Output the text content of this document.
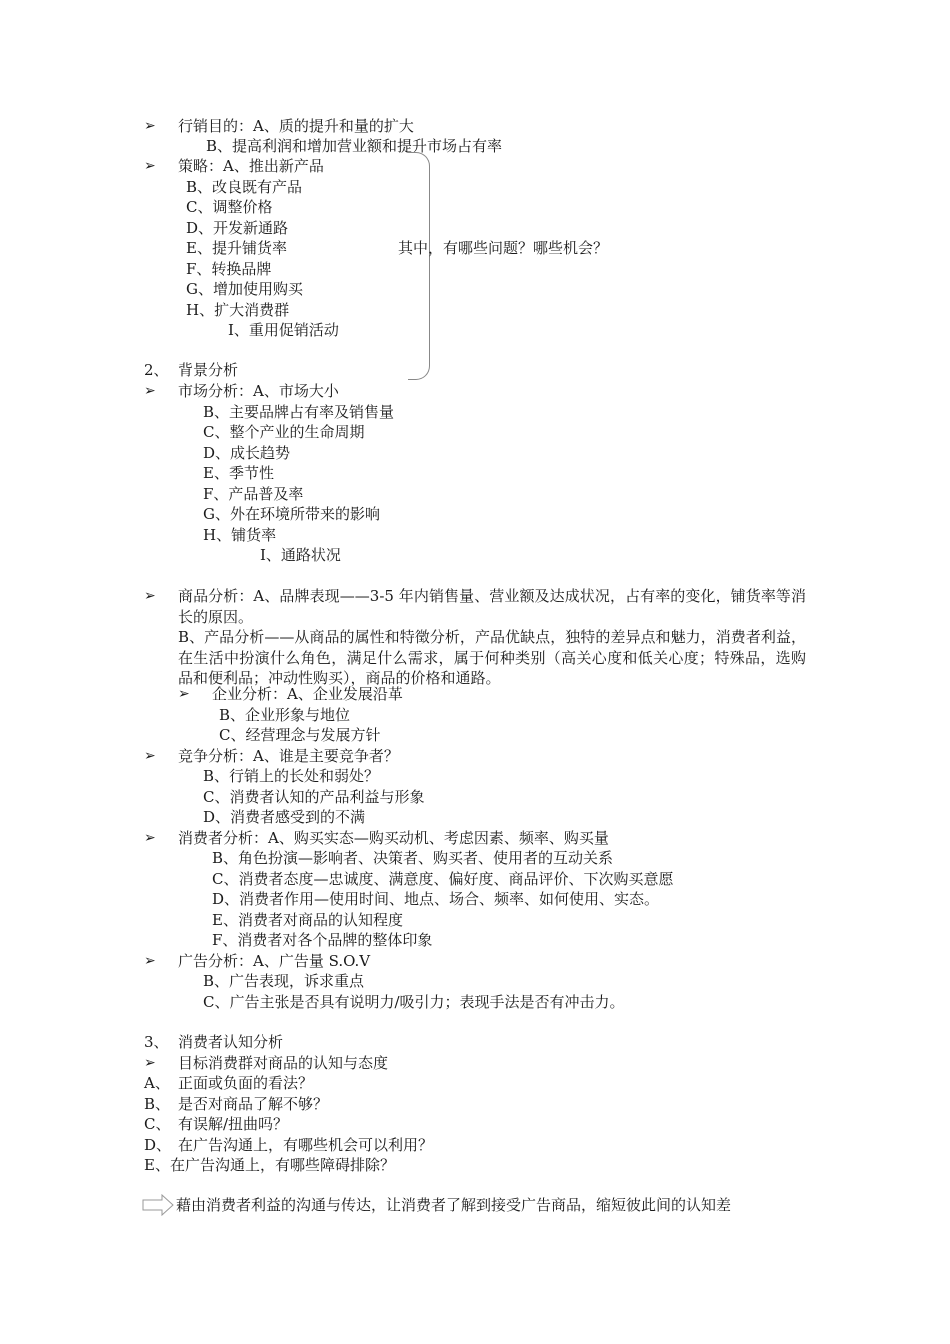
➢ 行销目的：A、质的提升和量的扩大
B、提高利润和增加营业额和提升市场占有率
➢ 策略：A、推出新产品
B、改良既有产品
C、调整价格
D、开发新通路
E、提升铺货率
F、转换品牌
G、增加使用购买
H、扩大消费群
I、重用促销活动
其中，有哪些问题？哪些机会？
2、 背景分析
➢ 市场分析：A、市场大小
B、主要品牌占有率及销售量
C、整个产业的生命周期
D、成长趋势
E、季节性
F、产品普及率
G、外在环境所带来的影响
H、铺货率
I、通路状况
➢ 商品分析：A、品牌表现——3-5 年内销售量、营业额及达成状况，占有率的变化，铺货率等消长的原因。
B、产品分析——从商品的属性和特徵分析，产品优缺点，独特的差异点和魅力，消费者利益，在生活中扮演什么角色，满足什么需求，属于何种类别（高关心度和低关心度；特殊品，选购品和便利品；冲动性购买），商品的价格和通路。
➢ 企业分析：A、企业发展沿革
B、企业形象与地位
C、经营理念与发展方针
➢ 竞争分析：A、谁是主要竞争者？
B、行销上的长处和弱处？
C、消费者认知的产品利益与形象
D、消费者感受到的不满
➢ 消费者分析：A、购买实态—购买动机、考虑因素、频率、购买量
B、角色扮演—影响者、决策者、购买者、使用者的互动关系
C、消费者态度—忠诚度、满意度、偏好度、商品评价、下次购买意愿
D、消费者作用—使用时间、地点、场合、频率、如何使用、实态。
E、消费者对商品的认知程度
F、消费者对各个品牌的整体印象
➢ 广告分析：A、广告量 S.O.V
B、广告表现，诉求重点
C、广告主张是否具有说明力/吸引力；表现手法是否有冲击力。
3、 消费者认知分析
➢ 目标消费群对商品的认知与态度
A、 正面或负面的看法？
B、 是否对商品了解不够？
C、 有误解/扭曲吗？
D、 在广告沟通上，有哪些机会可以利用？
E、在广告沟通上，有哪些障碍排除？
藉由消费者利益的沟通与传达，让消费者了解到接受广告商品，缩短彼此间的认知差
